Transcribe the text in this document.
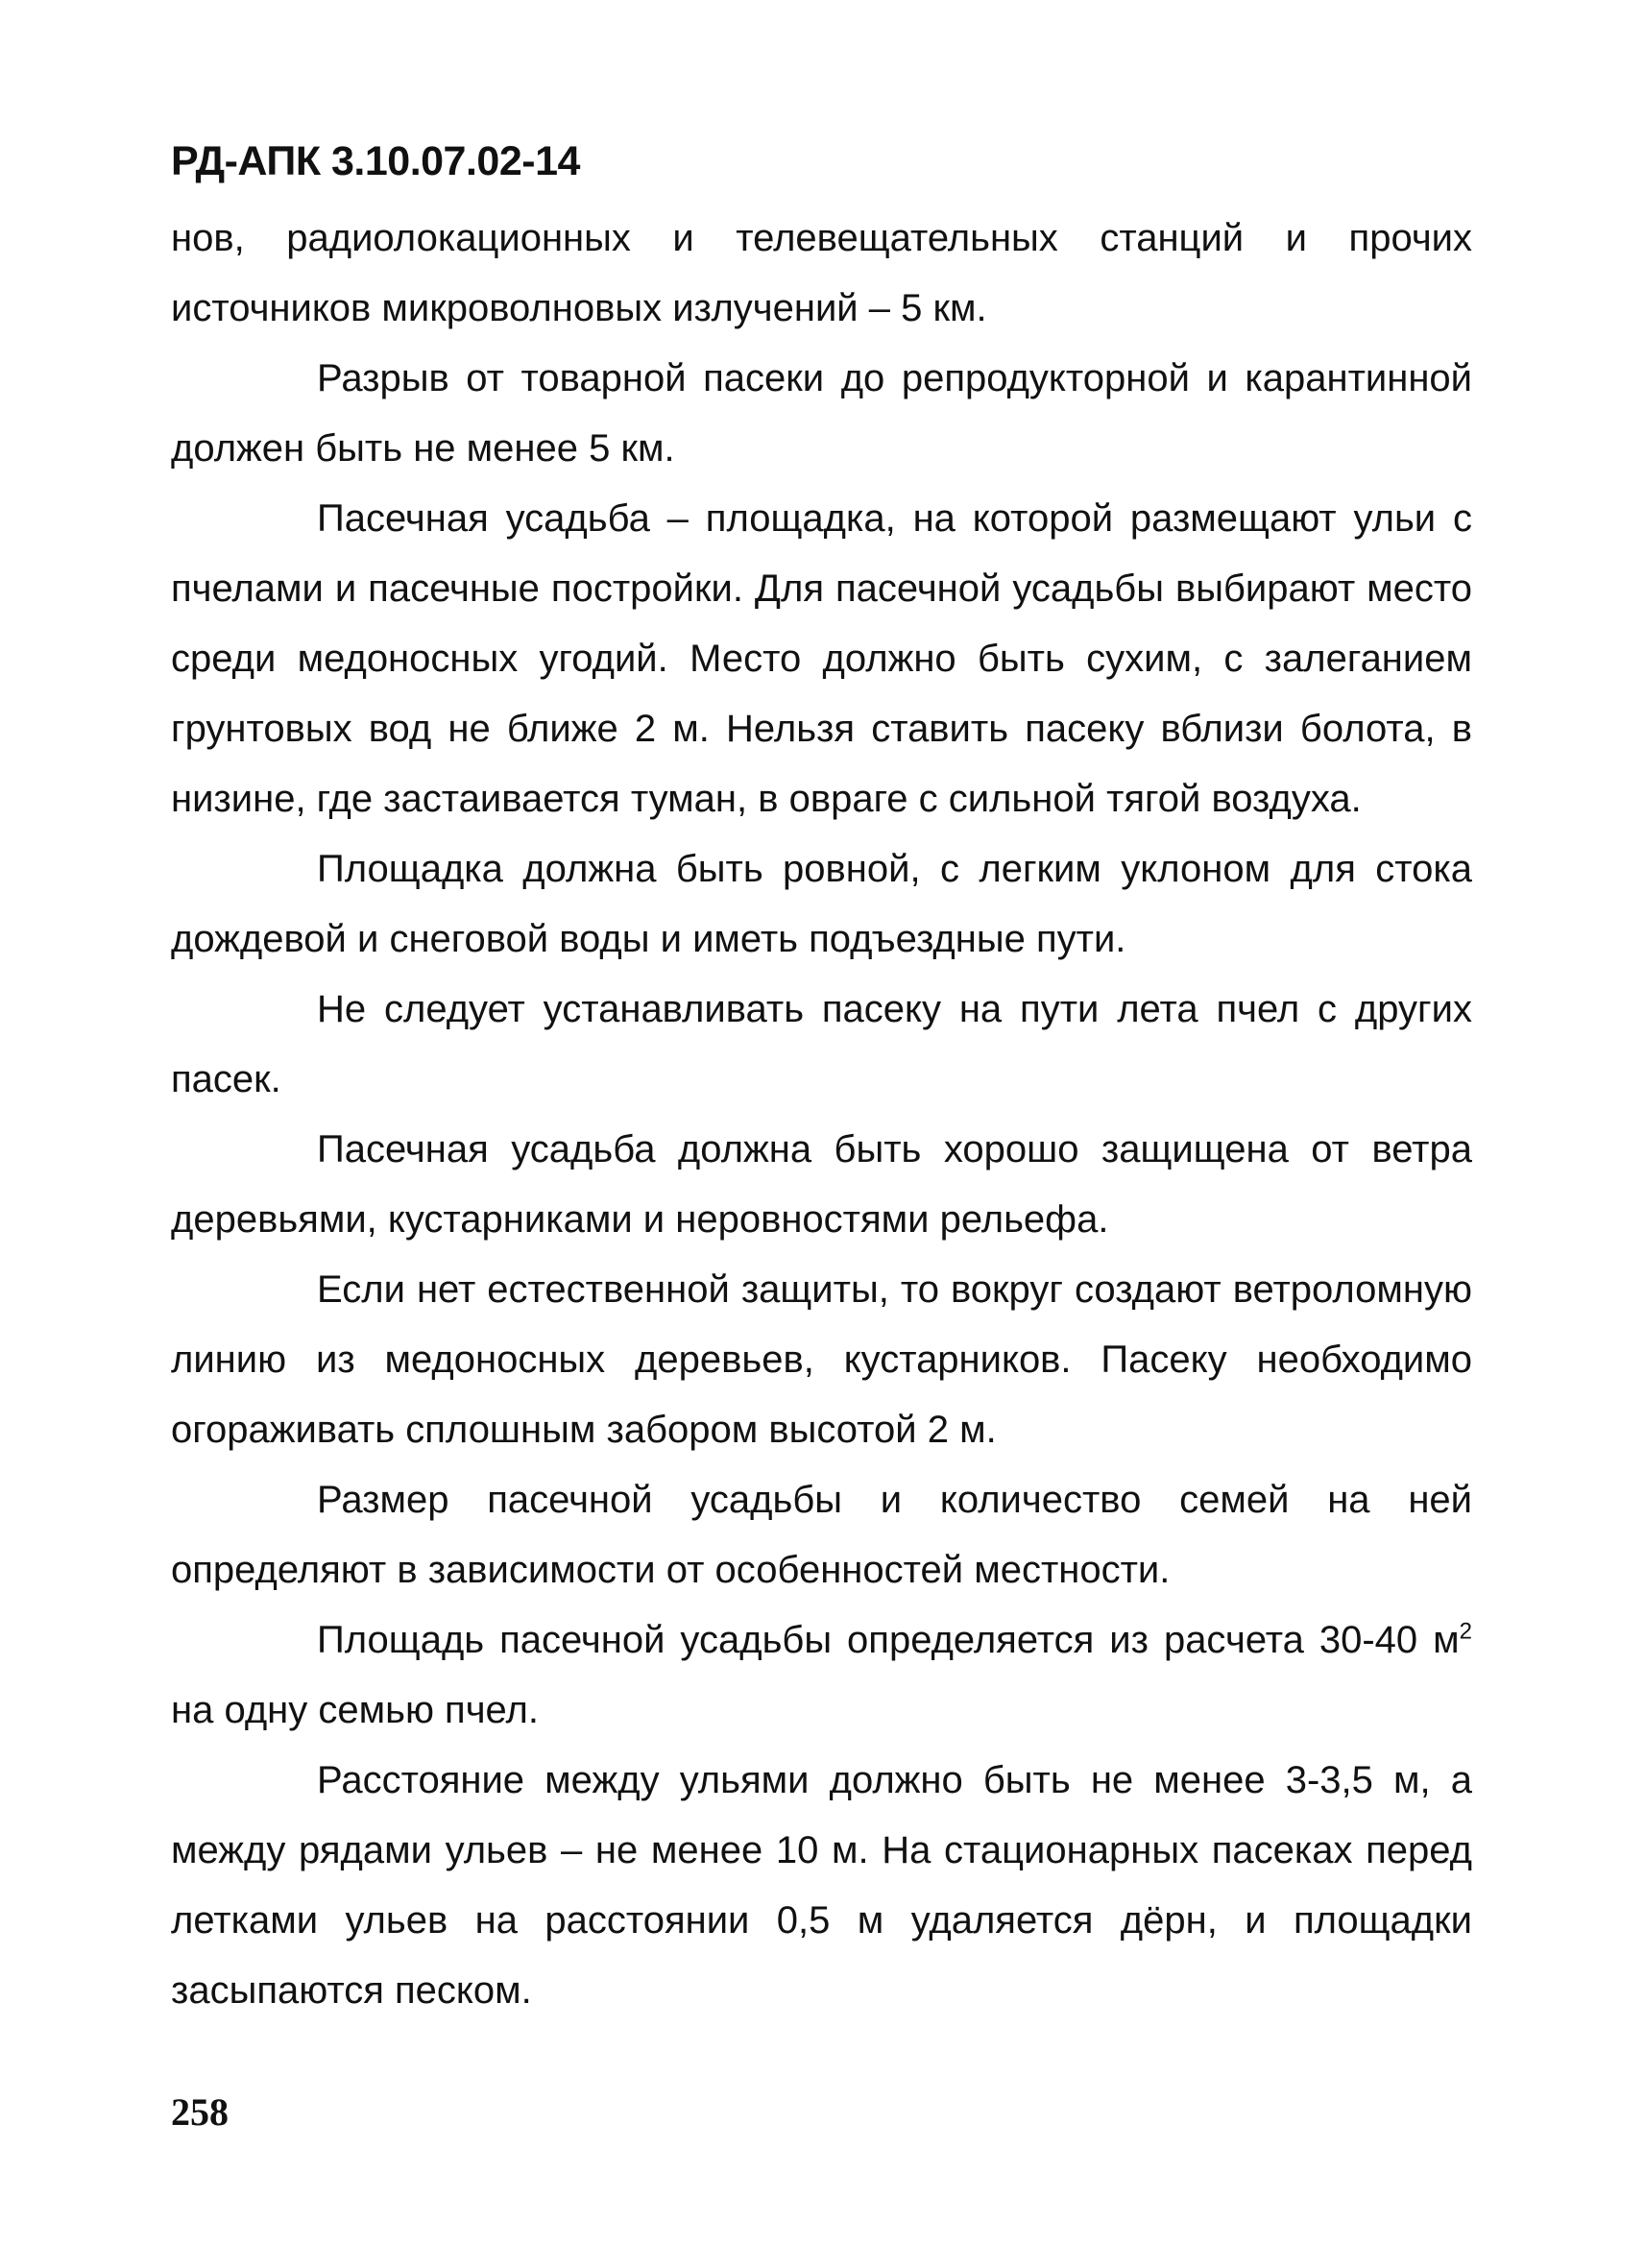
РД-АПК 3.10.07.02-14

нов, радиолокационных и телевещательных станций и прочих источников микроволновых излучений – 5 км.

Разрыв от товарной пасеки до репродукторной и карантинной должен быть не менее 5 км.

Пасечная усадьба – площадка, на которой размещают ульи с пчелами и пасечные постройки. Для пасечной усадьбы выбирают место среди медоносных угодий. Место должно быть сухим, с залеганием грунтовых вод не ближе 2 м. Нельзя ставить пасеку вблизи болота, в низине, где застаивается туман, в овраге с сильной тягой воздуха.

Площадка должна быть ровной, с легким уклоном для стока дождевой и снеговой воды и иметь подъездные пути.

Не следует устанавливать пасеку на пути лета пчел с других пасек.

Пасечная усадьба должна быть хорошо защищена от ветра деревьями, кустарниками и неровностями рельефа.

Если нет естественной защиты, то вокруг создают ветроломную линию из медоносных деревьев, кустарников. Пасеку необходимо огораживать сплошным забором высотой 2 м.

Размер пасечной усадьбы и количество семей на ней определяют в зависимости от особенностей местности.

Площадь пасечной усадьбы определяется из расчета 30-40 $м^2$ на одну семью пчел.

Расстояние между ульями должно быть не менее 3-3,5 м, а между рядами ульев – не менее 10 м. На стационарных пасеках перед летками ульев на расстоянии 0,5 м удаляется дёрн, и площадки засыпаются песком.

258
